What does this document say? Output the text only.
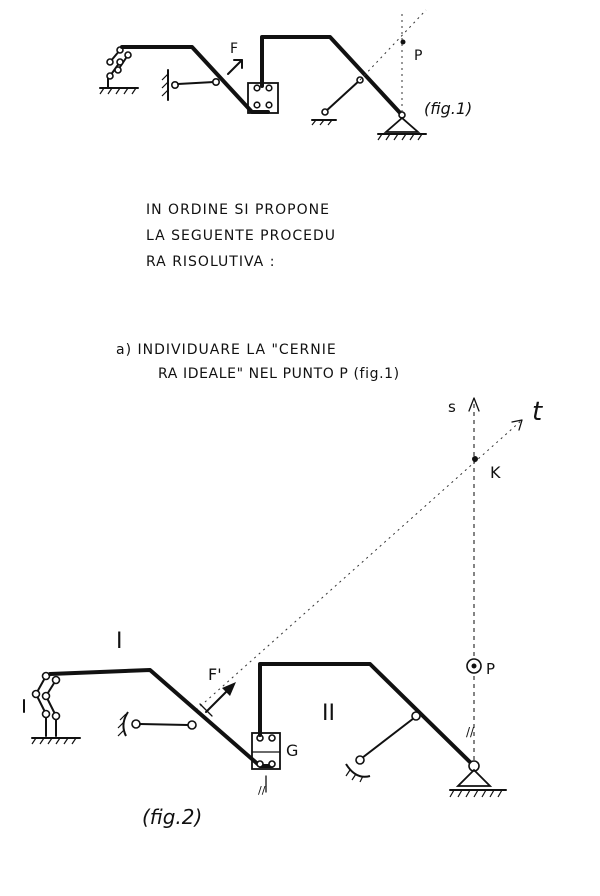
F	P
(fig.1)
IN ORDINE SI PROPONE
LA SEGUENTE PROCEDU
RA RISOLUTIVA :
a) INDIVIDUARE LA "CERNIE
RA IDEALE" NEL PUNTO P (fig.1)
s	t
K
I
F'
//
G
II
P
//
(fig.2)
